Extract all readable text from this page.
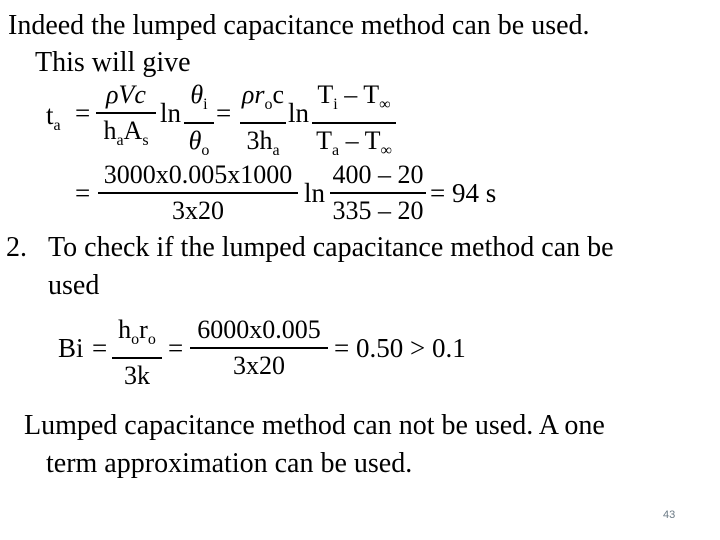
Indeed the lumped capacitance method can be used.
This will give
$t_a$ =
ρVc
$h_aA_s$
ln
$\theta_i$
$\theta_o$
=
$\rho r_oc$
$3h_a$
ln
$T_i - T_\infty$
$T_a - T_\infty$
=
3000x0.005x1000
3x20
ln
400 – 20
335 – 20
= 94 s
2. To check if the lumped capacitance method can be
used
Bi =
$h_or_o$
3k
=
6000x0.005
3x20
= 0.50 > 0.1
Lumped capacitance method can not be used. A one
term approximation can be used.
43
